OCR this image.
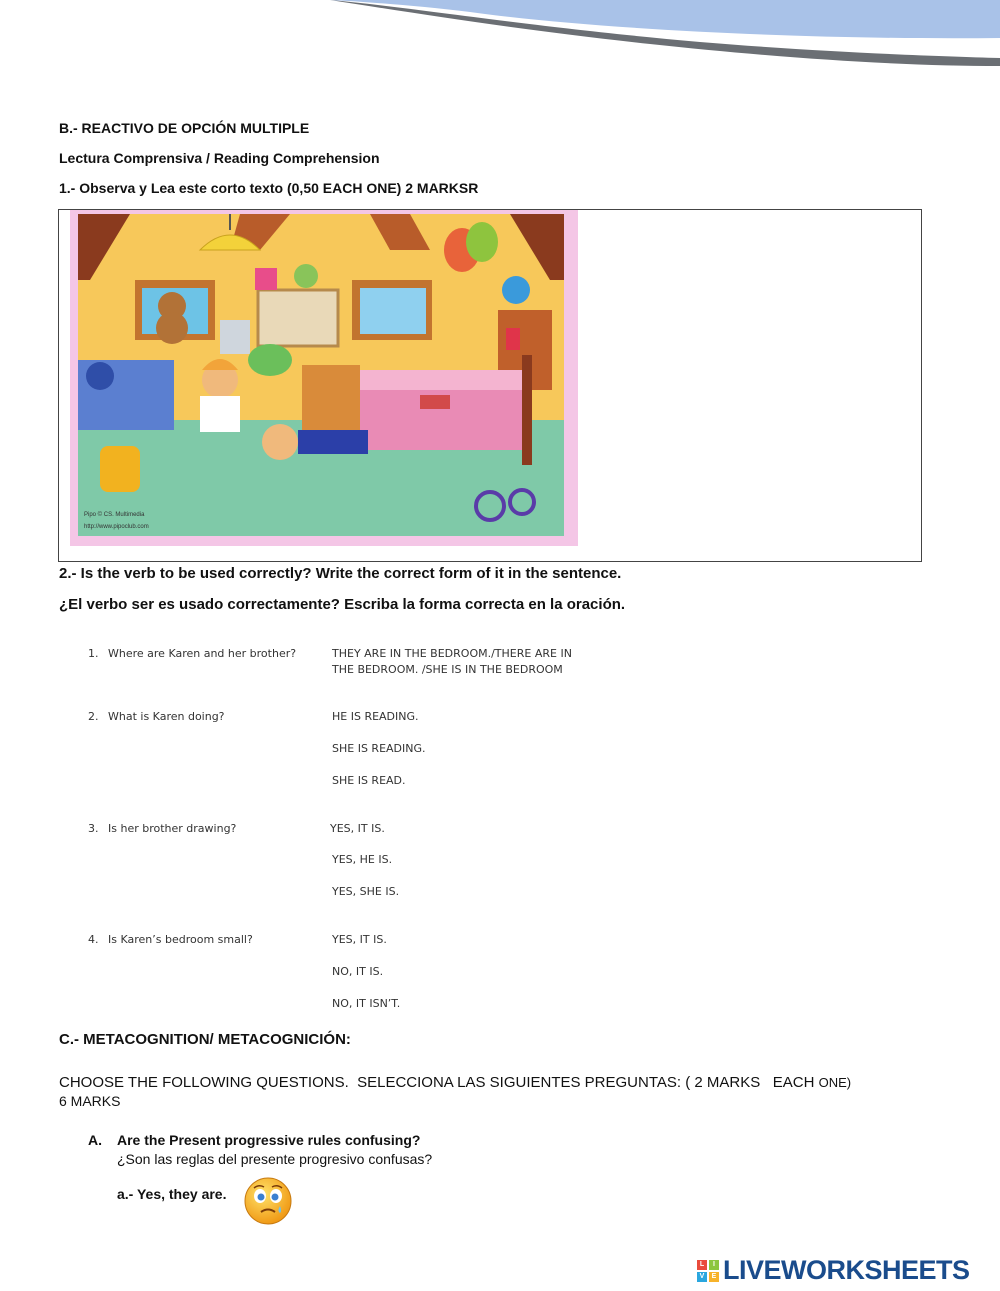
B.- REACTIVO DE OPCIÓN MULTIPLE
Lectura Comprensiva / Reading Comprehension
1.- Observa y Lea este corto texto (0,50 EACH ONE) 2 MARKSR
Pipo © CS. Multimedia
http://www.pipoclub.com
2.- Is the verb to be used correctly? Write the correct form of it in the sentence.
¿El verbo ser es usado correctamente? Escriba la forma correcta en la oración.
1. Where are Karen and her brother?	THEY ARE IN THE BEDROOM./THERE ARE IN
THE BEDROOM. /SHE IS IN THE BEDROOM
2. What is Karen doing?	HE IS READING.
SHE IS READING.
SHE IS READ.
3. Is her brother drawing?	YES, IT IS.
YES, HE IS.
YES, SHE IS.
4. Is Karen’s bedroom small?	YES, IT IS.
NO, IT IS.
NO, IT ISN’T.
C.- METACOGNITION/ METACOGNICIÓN:
CHOOSE THE FOLLOWING QUESTIONS.  SELECCIONA LAS SIGUIENTES PREGUNTAS: ( 2 MARKS   EACH ONE)
6 MARKS
A. Are the Present progressive rules confusing?
¿Son las reglas del presente progresivo confusas?
a.- Yes, they are.
L	I
V	E LIVEWORKSHEETS
